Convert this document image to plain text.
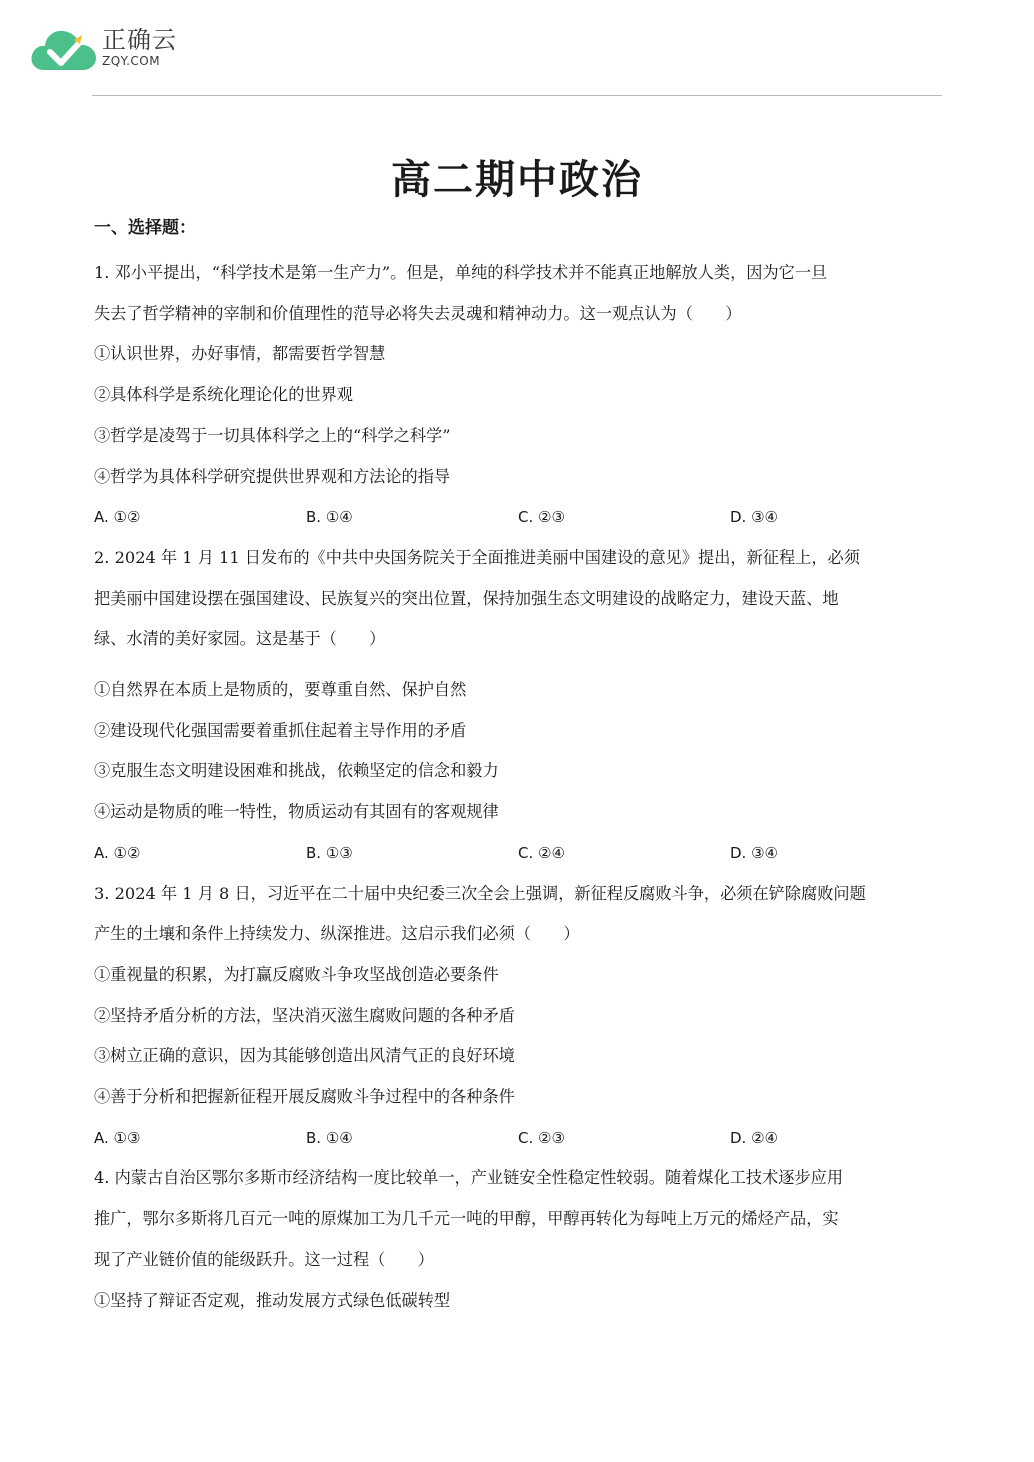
正确云
ZQY.COM
高二期中政治
一、选择题：
1. 邓小平提出，“科学技术是第一生产力”。但是，单纯的科学技术并不能真正地解放人类，因为它一旦
失去了哲学精神的宰制和价值理性的范导必将失去灵魂和精神动力。这一观点认为（　　）
①认识世界，办好事情，都需要哲学智慧
②具体科学是系统化理论化的世界观
③哲学是凌驾于一切具体科学之上的“科学之科学”
④哲学为具体科学研究提供世界观和方法论的指导
A. ①②	B. ①④	C. ②③	D. ③④
2. 2024 年 1 月 11 日发布的《中共中央国务院关于全面推进美丽中国建设的意见》提出，新征程上，必须
把美丽中国建设摆在强国建设、民族复兴的突出位置，保持加强生态文明建设的战略定力，建设天蓝、地
绿、水清的美好家园。这是基于（　　）
①自然界在本质上是物质的，要尊重自然、保护自然
②建设现代化强国需要着重抓住起着主导作用的矛盾
③克服生态文明建设困难和挑战，依赖坚定的信念和毅力
④运动是物质的唯一特性，物质运动有其固有的客观规律
A. ①②	B. ①③	C. ②④	D. ③④
3. 2024 年 1 月 8 日，习近平在二十届中央纪委三次全会上强调，新征程反腐败斗争，必须在铲除腐败问题
产生的土壤和条件上持续发力、纵深推进。这启示我们必须（　　）
①重视量的积累，为打赢反腐败斗争攻坚战创造必要条件
②坚持矛盾分析的方法，坚决消灭滋生腐败问题的各种矛盾
③树立正确的意识，因为其能够创造出风清气正的良好环境
④善于分析和把握新征程开展反腐败斗争过程中的各种条件
A. ①③	B. ①④	C. ②③	D. ②④
4. 内蒙古自治区鄂尔多斯市经济结构一度比较单一，产业链安全性稳定性较弱。随着煤化工技术逐步应用
推广，鄂尔多斯将几百元一吨的原煤加工为几千元一吨的甲醇，甲醇再转化为每吨上万元的烯烃产品，实
现了产业链价值的能级跃升。这一过程（　　）
①坚持了辩证否定观，推动发展方式绿色低碳转型
